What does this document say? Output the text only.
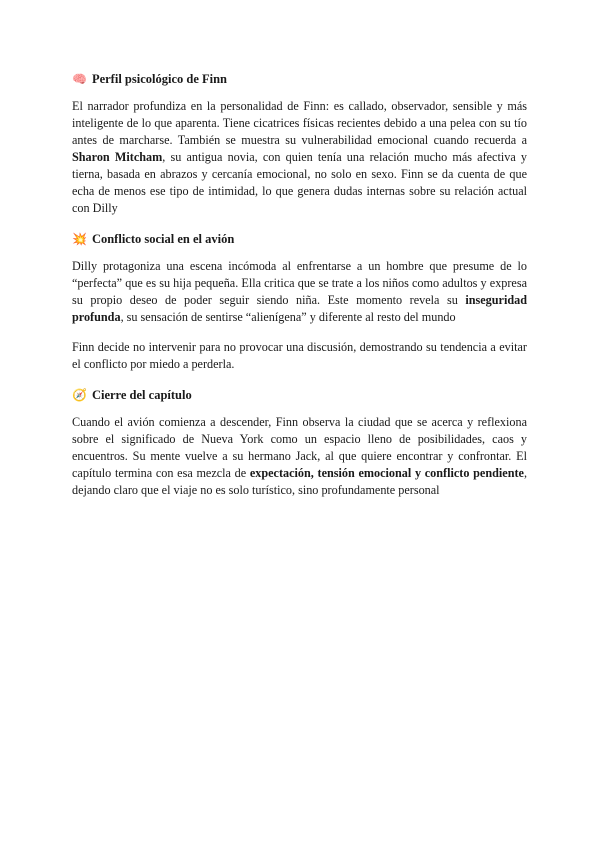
🧠 Perfil psicológico de Finn

El narrador profundiza en la personalidad de Finn: es callado, observador, sensible y más inteligente de lo que aparenta. Tiene cicatrices físicas recientes debido a una pelea con su tío antes de marcharse. También se muestra su vulnerabilidad emocional cuando recuerda a Sharon Mitcham, su antigua novia, con quien tenía una relación mucho más afectiva y tierna, basada en abrazos y cercanía emocional, no solo en sexo. Finn se da cuenta de que echa de menos ese tipo de intimidad, lo que genera dudas internas sobre su relación actual con Dilly

💥 Conflicto social en el avión

Dilly protagoniza una escena incómoda al enfrentarse a un hombre que presume de lo “perfecta” que es su hija pequeña. Ella critica que se trate a los niños como adultos y expresa su propio deseo de poder seguir siendo niña. Este momento revela su inseguridad profunda, su sensación de sentirse “alienígena” y diferente al resto del mundo

Finn decide no intervenir para no provocar una discusión, demostrando su tendencia a evitar el conflicto por miedo a perderla.

🧭 Cierre del capítulo

Cuando el avión comienza a descender, Finn observa la ciudad que se acerca y reflexiona sobre el significado de Nueva York como un espacio lleno de posibilidades, caos y encuentros. Su mente vuelve a su hermano Jack, al que quiere encontrar y confrontar. El capítulo termina con esa mezcla de expectación, tensión emocional y conflicto pendiente, dejando claro que el viaje no es solo turístico, sino profundamente personal
